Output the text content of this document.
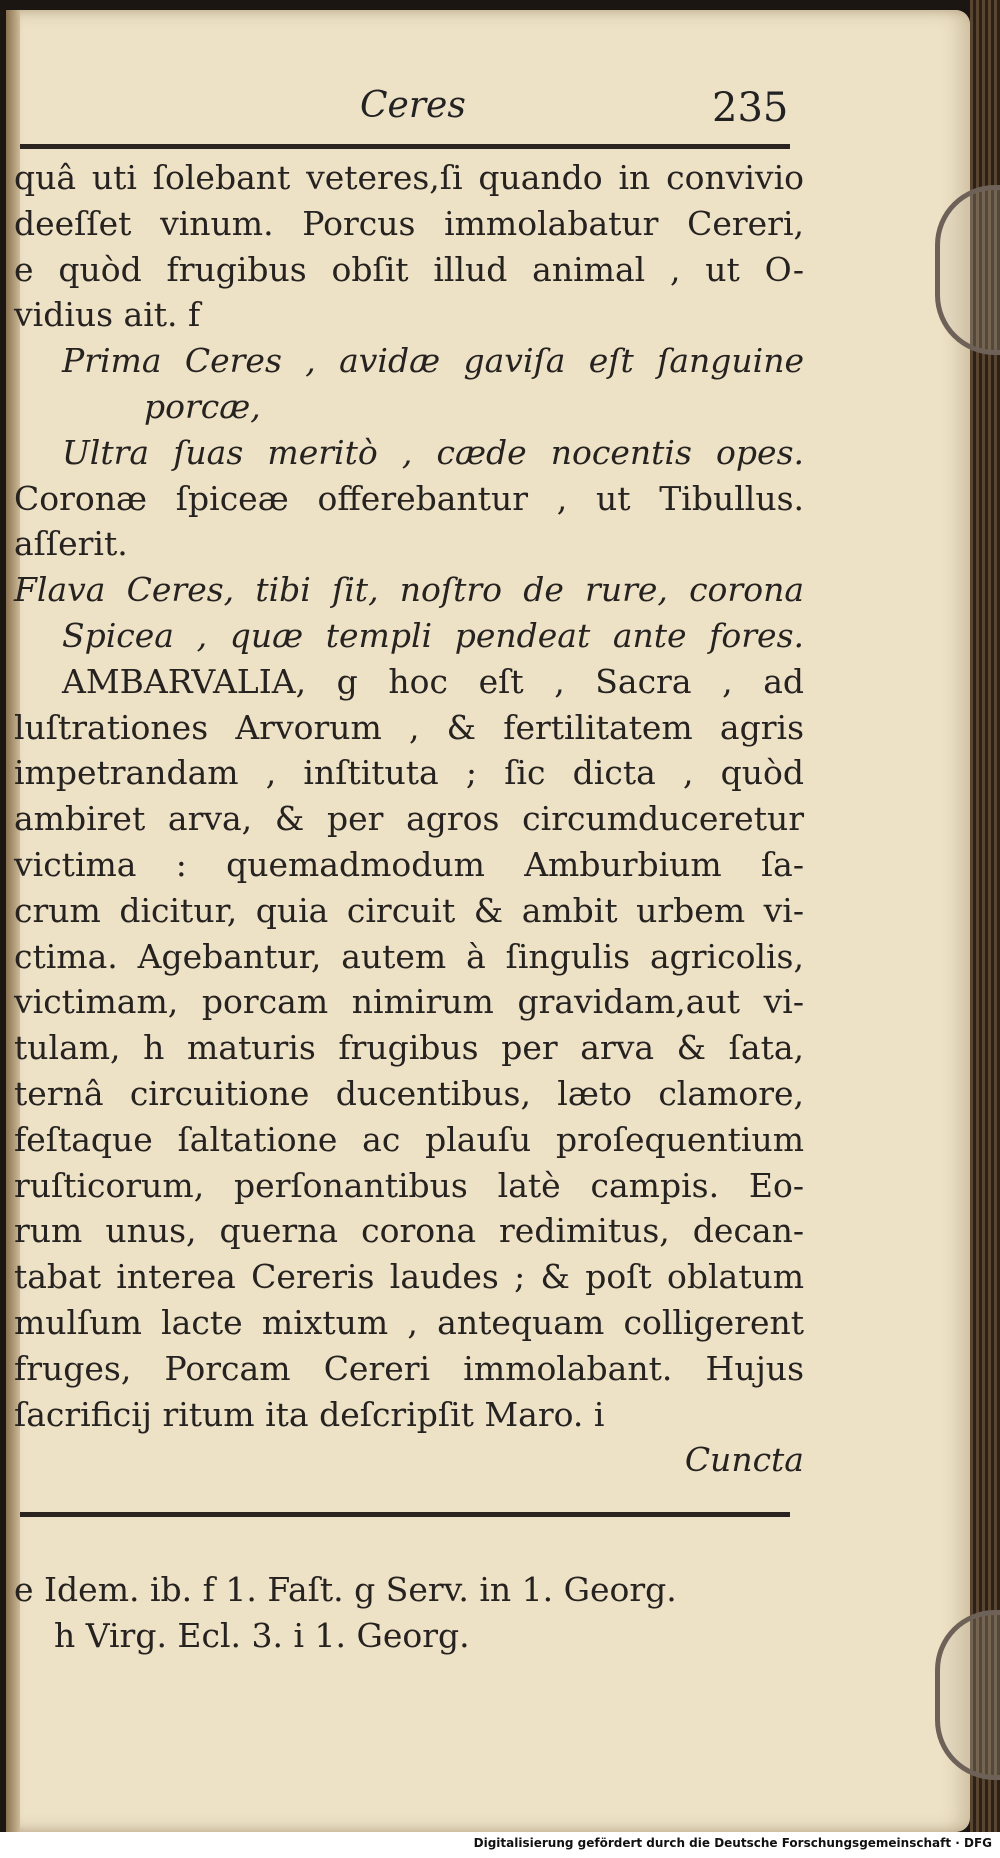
Ceres	235
quâ uti ſolebant veteres,ſi quando in convivio
deeſſet vinum. Porcus immolabatur Cereri,
e quòd frugibus obſit illud animal , ut O-
vidius ait. f
Prima Ceres , avidæ gaviſa eſt ſanguine
porcæ,
Ultra ſuas meritò , cæde nocentis opes.
Coronæ ſpiceæ offerebantur , ut Tibullus.
aſſerit.
Flava Ceres, tibi ſit, noſtro de rure, corona
Spicea , quæ templi pendeat ante fores.
AMBARVALIA, g hoc eſt , Sacra , ad
luſtrationes Arvorum , & fertilitatem agris
impetrandam , inſtituta ; ſic dicta , quòd
ambiret arva, & per agros circumduceretur
victima : quemadmodum Amburbium ſa-
crum dicitur, quia circuit & ambit urbem vi-
ctima. Agebantur, autem à ſingulis agricolis,
victimam, porcam nimirum gravidam,aut vi-
tulam, h maturis frugibus per arva & ſata,
ternâ circuitione ducentibus, læto clamore,
feſtaque ſaltatione ac plauſu proſequentium
ruſticorum, perſonantibus latè campis. Eo-
rum unus, querna corona redimitus, decan-
tabat interea Cereris laudes ; & poſt oblatum
mulſum lacte mixtum , antequam colligerent
fruges, Porcam Cereri immolabant. Hujus
ſacrificij ritum ita deſcripſit Maro. i
Cuncta
e Idem. ib. f 1. Faſt. g Serv. in 1. Georg.
h Virg. Ecl. 3. i 1. Georg.
Digitalisierung gefördert durch die Deutsche Forschungsgemeinschaft · DFG
